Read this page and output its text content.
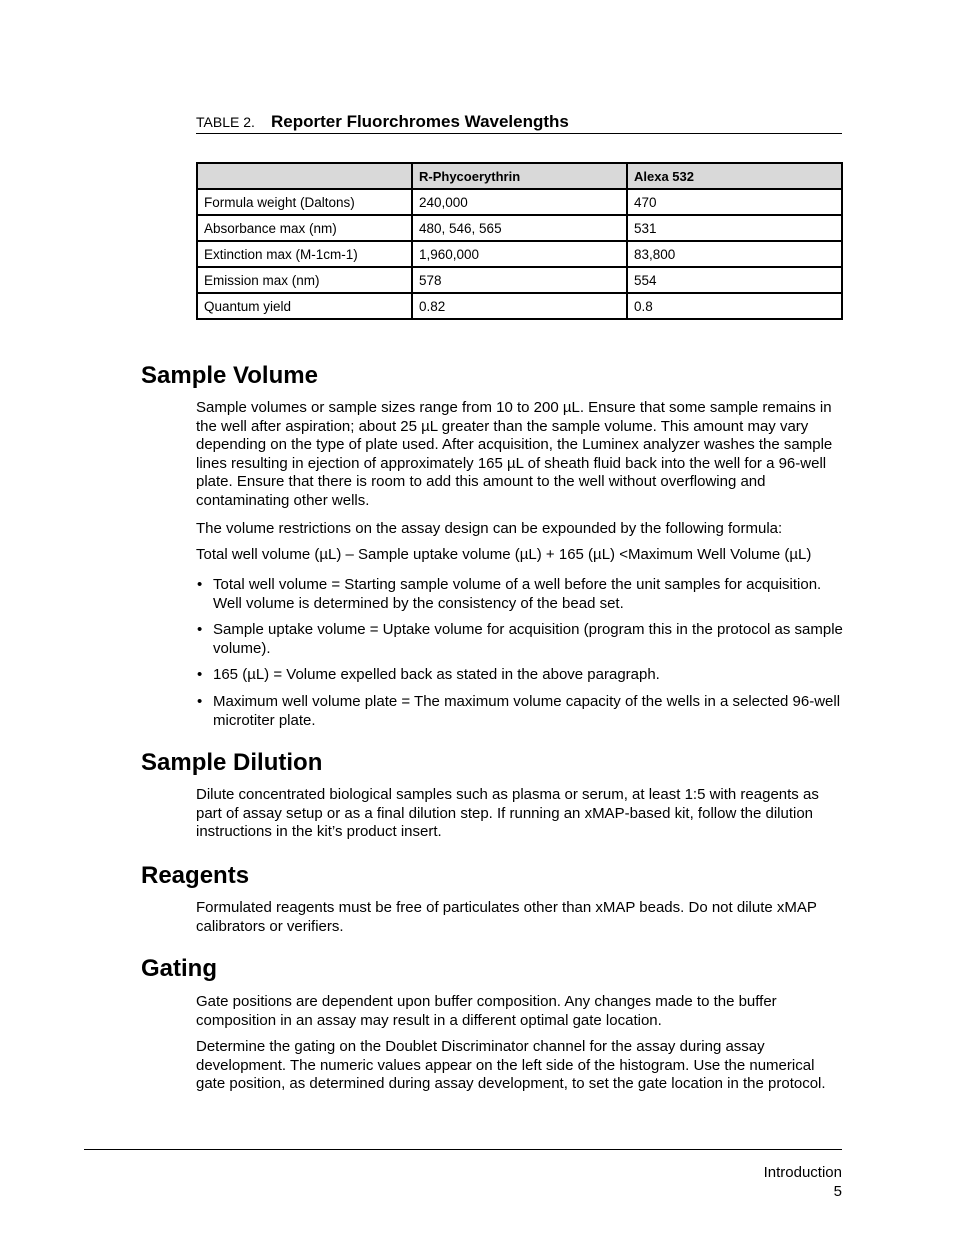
TABLE 2. Reporter Fluorchromes Wavelengths
	R-Phycoerythrin	Alexa 532
Formula weight (Daltons)	240,000	470
Absorbance max (nm)	480, 546, 565	531
Extinction max (M-1cm-1)	1,960,000	83,800
Emission max (nm)	578	554
Quantum yield	0.82	0.8
Sample Volume

Sample volumes or sample sizes range from 10 to 200 µL. Ensure that some sample remains in the well after aspiration; about 25 µL greater than the sample volume. This amount may vary depending on the type of plate used. After acquisition, the Luminex analyzer washes the sample lines resulting in ejection of approximately 165 µL of sheath fluid back into the well for a 96-well plate. Ensure that there is room to add this amount to the well without overflowing and contaminating other wells.

The volume restrictions on the assay design can be expounded by the following formula:

Total well volume (µL) – Sample uptake volume (µL) + 165 (µL) <Maximum Well Volume (µL)

• Total well volume = Starting sample volume of a well before the unit samples for acquisition. Well volume is determined by the consistency of the bead set.
• Sample uptake volume = Uptake volume for acquisition (program this in the protocol as sample volume).
• 165 (µL) = Volume expelled back as stated in the above paragraph.
• Maximum well volume plate = The maximum volume capacity of the wells in a selected 96-well microtiter plate.
Sample Dilution

Dilute concentrated biological samples such as plasma or serum, at least 1:5 with reagents as part of assay setup or as a final dilution step. If running an xMAP-based kit, follow the dilution instructions in the kit’s product insert.

Reagents

Formulated reagents must be free of particulates other than xMAP beads. Do not dilute xMAP calibrators or verifiers.

Gating

Gate positions are dependent upon buffer composition. Any changes made to the buffer composition in an assay may result in a different optimal gate location.

Determine the gating on the Doublet Discriminator channel for the assay during assay development. The numeric values appear on the left side of the histogram. Use the numerical gate position, as determined during assay development, to set the gate location in the protocol.

Introduction
5
